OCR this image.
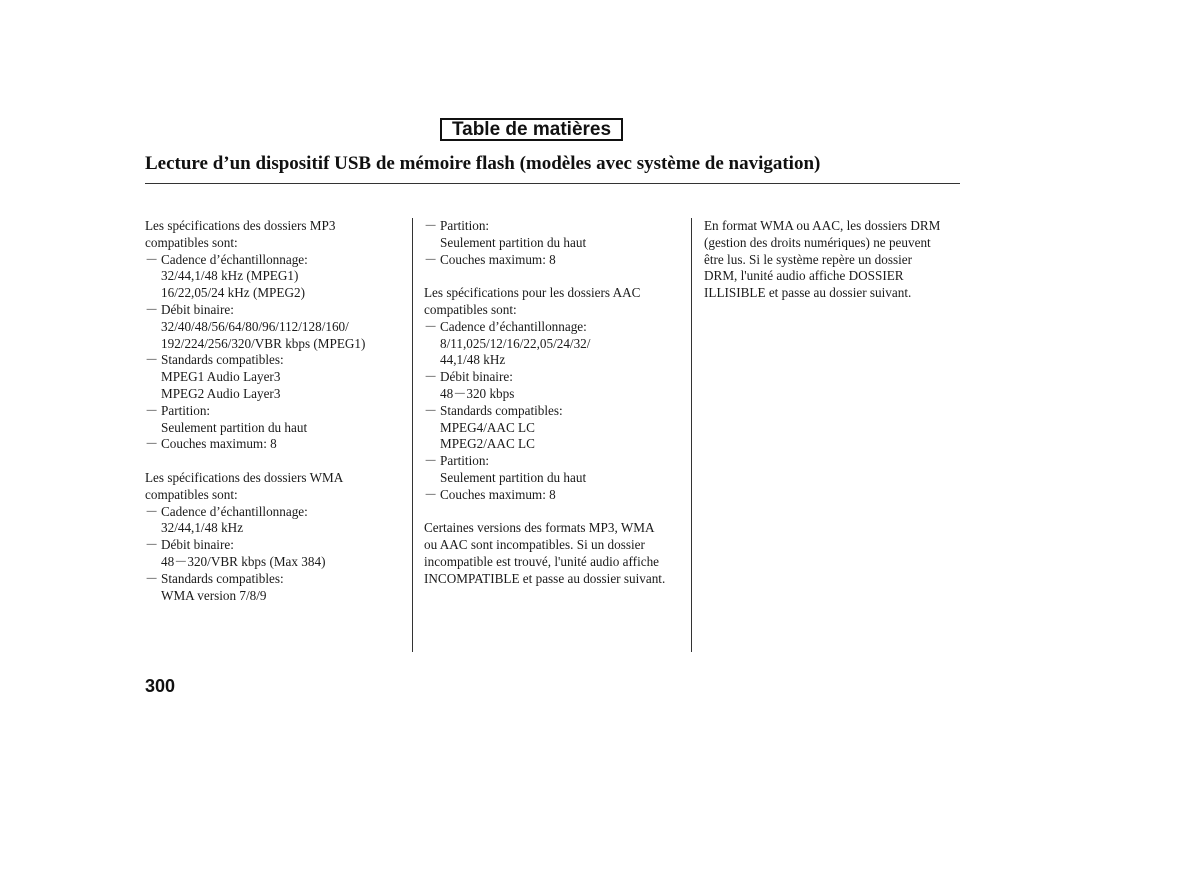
Table de matières
Lecture d’un dispositif USB de mémoire flash (modèles avec système de navigation)
Les spécifications des dossiers MP3
compatibles sont:
－ Cadence d’échantillonnage:
32/44,1/48 kHz (MPEG1)
16/22,05/24 kHz (MPEG2)
－ Débit binaire:
32/40/48/56/64/80/96/112/128/160/
192/224/256/320/VBR kbps (MPEG1)
－ Standards compatibles:
MPEG1 Audio Layer3
MPEG2 Audio Layer3
－ Partition:
Seulement partition du haut
－ Couches maximum: 8
Les spécifications des dossiers WMA
compatibles sont:
－ Cadence d’échantillonnage:
32/44,1/48 kHz
－ Débit binaire:
48－320/VBR kbps (Max 384)
－ Standards compatibles:
WMA version 7/8/9
－ Partition:
Seulement partition du haut
－ Couches maximum: 8
Les spécifications pour les dossiers AAC
compatibles sont:
－ Cadence d’échantillonnage:
8/11,025/12/16/22,05/24/32/
44,1/48 kHz
－ Débit binaire:
48－320 kbps
－ Standards compatibles:
MPEG4/AAC LC
MPEG2/AAC LC
－ Partition:
Seulement partition du haut
－ Couches maximum: 8
Certaines versions des formats MP3, WMA
ou AAC sont incompatibles. Si un dossier
incompatible est trouvé, l'unité audio affiche
INCOMPATIBLE et passe au dossier suivant.
En format WMA ou AAC, les dossiers DRM
(gestion des droits numériques) ne peuvent
être lus. Si le système repère un dossier
DRM, l'unité audio affiche DOSSIER
ILLISIBLE et passe au dossier suivant.
300
